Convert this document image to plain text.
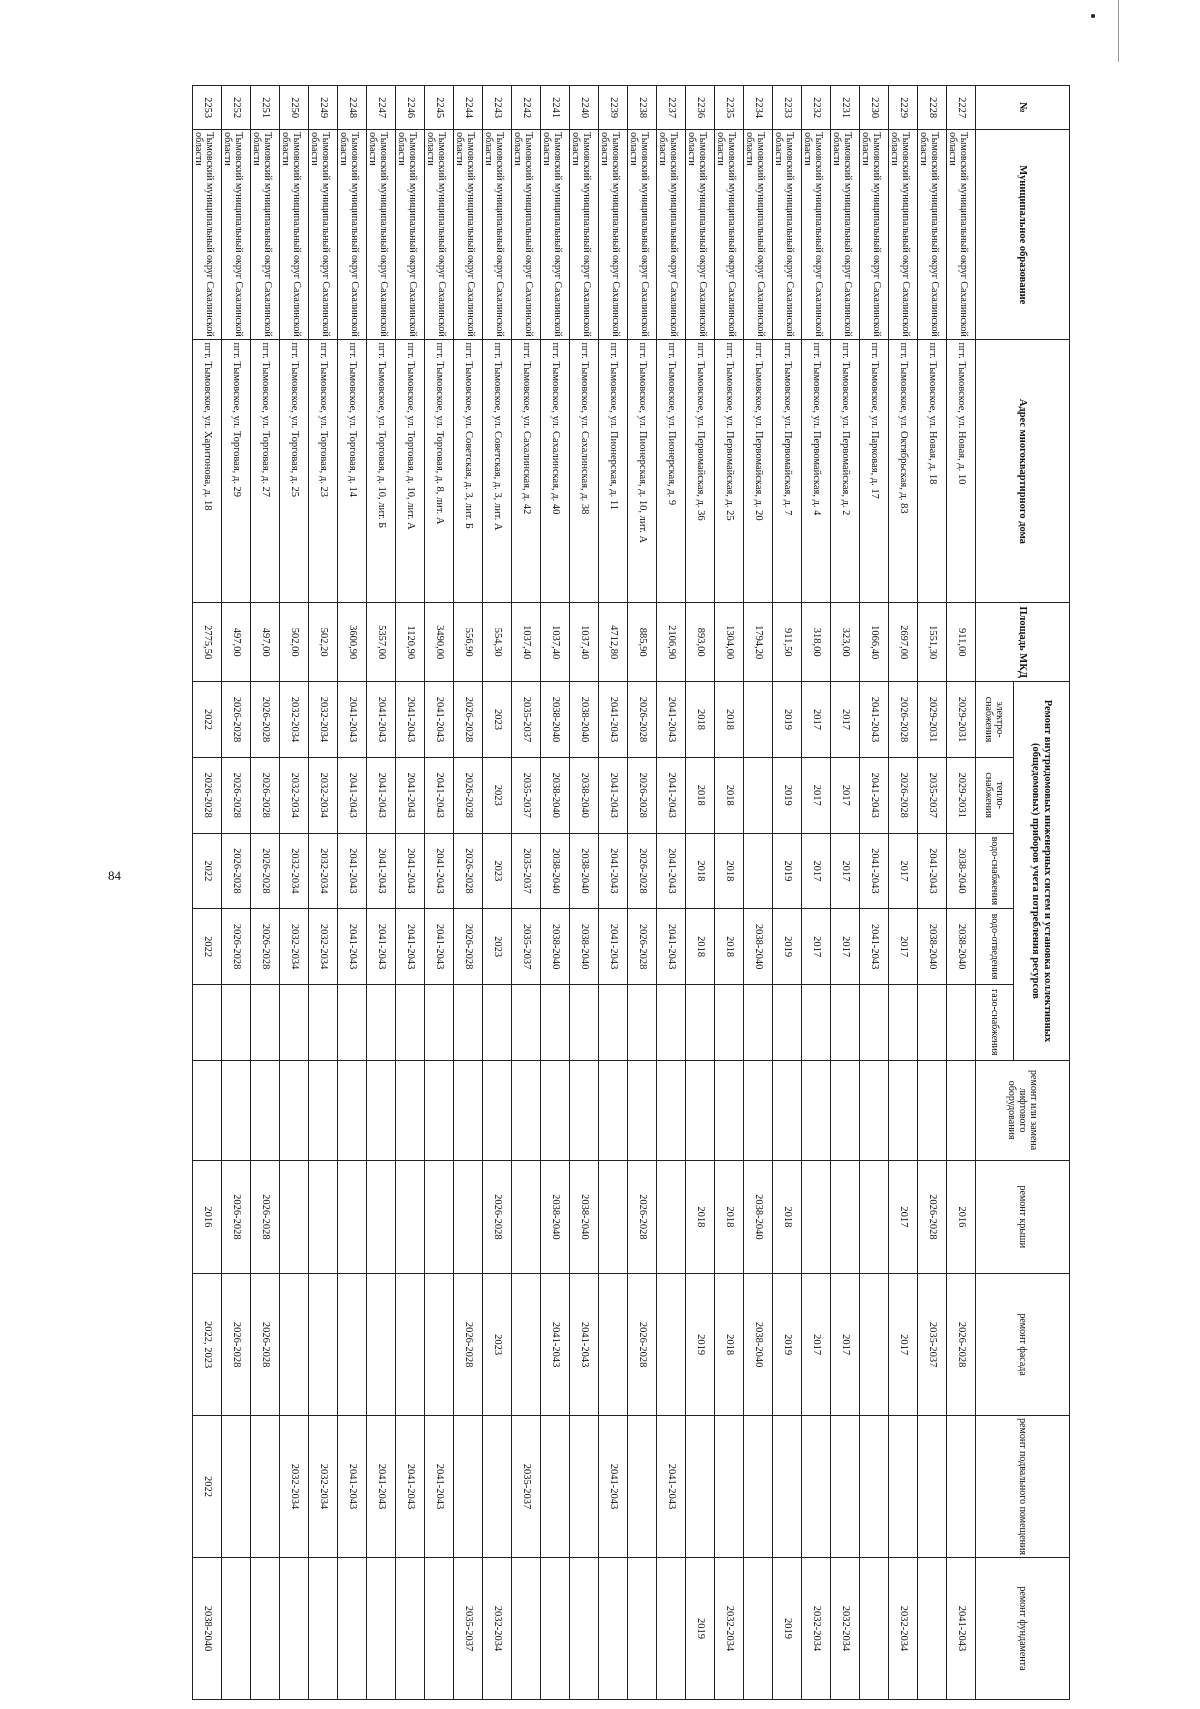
84
№	Муниципальное образование	Адрес многоквартирного дома	Площадь МКД	Ремонт внутридомовых инженерных систем и установка коллективных (общедомовых) приборов учета потребления ресурсов					ремонт или замена лифтового оборудования	ремонт крыши	ремонт фасада	ремонт подвального помещения	ремонт фундамента
				электро-снабжения	тепло-снабжения	водо-снабжения	водо-отведения	газо-снабжения					
2227	Тымовский муниципальный округ Сахалинской области	пгт. Тымовское, ул. Новая, д. 10	911,00	2029-2031	2029-2031	2038-2040	2038-2040			2016	2026-2028		2041-2043
2228	Тымовский муниципальный округ Сахалинской области	пгт. Тымовское, ул. Новая, д. 18	1551,30	2029-2031	2035-2037	2041-2043	2038-2040			2026-2028	2035-2037		
2229	Тымовский муниципальный округ Сахалинской области	пгт. Тымовское, ул. Октябрьская, д. 83	2697,00	2026-2028	2026-2028	2017	2017			2017	2017		2032-2034
2230	Тымовский муниципальный округ Сахалинской области	пгт. Тымовское, ул. Парковая, д. 17	1066,40	2041-2043	2041-2043	2041-2043	2041-2043						
2231	Тымовский муниципальный округ Сахалинской области	пгт. Тымовское, ул. Первомайская, д. 2	323,00	2017	2017	2017	2017				2017		2032-2034
2232	Тымовский муниципальный округ Сахалинской области	пгт. Тымовское, ул. Первомайская, д. 4	318,00	2017	2017	2017	2017				2017		2032-2034
2233	Тымовский муниципальный округ Сахалинской области	пгт. Тымовское, ул. Первомайская, д. 7	911,50	2019	2019	2019	2019			2018	2019		2019
2234	Тымовский муниципальный округ Сахалинской области	пгт. Тымовское, ул. Первомайская, д. 20	1794,20				2038-2040			2038-2040	2038-2040		
2235	Тымовский муниципальный округ Сахалинской области	пгт. Тымовское, ул. Первомайская, д. 25	1304,00	2018	2018	2018	2018			2018	2018		2032-2034
2236	Тымовский муниципальный округ Сахалинской области	пгт. Тымовское, ул. Первомайская, д. 36	893,00	2018	2018	2018	2018			2018	2019		2019
2237	Тымовский муниципальный округ Сахалинской области	пгт. Тымовское, ул. Пионерская, д. 9	2106,90	2041-2043	2041-2043	2041-2043	2041-2043					2041-2043	
2238	Тымовский муниципальный округ Сахалинской области	пгт. Тымовское, ул. Пионерская, д. 10, лит. А	885,90	2026-2028	2026-2028	2026-2028	2026-2028			2026-2028	2026-2028		
2239	Тымовский муниципальный округ Сахалинской области	пгт. Тымовское, ул. Пионерская, д. 11	4712,80	2041-2043	2041-2043	2041-2043	2041-2043					2041-2043	
2240	Тымовский муниципальный округ Сахалинской области	пгт. Тымовское, ул. Сахалинская, д. 38	1037,40	2038-2040	2038-2040	2038-2040	2038-2040			2038-2040	2041-2043		
2241	Тымовский муниципальный округ Сахалинской области	пгт. Тымовское, ул. Сахалинская, д. 40	1037,40	2038-2040	2038-2040	2038-2040	2038-2040			2038-2040	2041-2043		
2242	Тымовский муниципальный округ Сахалинской области	пгт. Тымовское, ул. Сахалинская, д. 42	1037,40	2035-2037	2035-2037	2035-2037	2035-2037					2035-2037	
2243	Тымовский муниципальный округ Сахалинской области	пгт. Тымовское, ул. Советская, д. 3, лит. А	554,30	2023	2023	2023	2023			2026-2028	2023		2032-2034
2244	Тымовский муниципальный округ Сахалинской области	пгт. Тымовское, ул. Советская, д. 3, лит. Б	556,90	2026-2028	2026-2028	2026-2028	2026-2028				2026-2028		2035-2037
2245	Тымовский муниципальный округ Сахалинской области	пгт. Тымовское, ул. Торговая, д. 8, лит. А	3490,00	2041-2043	2041-2043	2041-2043	2041-2043					2041-2043	
2246	Тымовский муниципальный округ Сахалинской области	пгт. Тымовское, ул. Торговая, д. 10, лит. А	1120,90	2041-2043	2041-2043	2041-2043	2041-2043					2041-2043	
2247	Тымовский муниципальный округ Сахалинской области	пгт. Тымовское, ул. Торговая, д. 10, лит. Б	5357,00	2041-2043	2041-2043	2041-2043	2041-2043					2041-2043	
2248	Тымовский муниципальный округ Сахалинской области	пгт. Тымовское, ул. Торговая, д. 14	3600,90	2041-2043	2041-2043	2041-2043	2041-2043					2041-2043	
2249	Тымовский муниципальный округ Сахалинской области	пгт. Тымовское, ул. Торговая, д. 23	502,20	2032-2034	2032-2034	2032-2034	2032-2034					2032-2034	
2250	Тымовский муниципальный округ Сахалинской области	пгт. Тымовское, ул. Торговая, д. 25	502,00	2032-2034	2032-2034	2032-2034	2032-2034					2032-2034	
2251	Тымовский муниципальный округ Сахалинской области	пгт. Тымовское, ул. Торговая, д. 27	497,00	2026-2028	2026-2028	2026-2028	2026-2028			2026-2028	2026-2028		
2252	Тымовский муниципальный округ Сахалинской области	пгт. Тымовское, ул. Торговая, д. 29	497,00	2026-2028	2026-2028	2026-2028	2026-2028			2026-2028	2026-2028		
2253	Тымовский муниципальный округ Сахалинской области	пгт. Тымовское, ул. Харитонова, д. 18	2775,50	2022	2026-2028	2022	2022			2016	2022, 2023	2022	2038-2040
